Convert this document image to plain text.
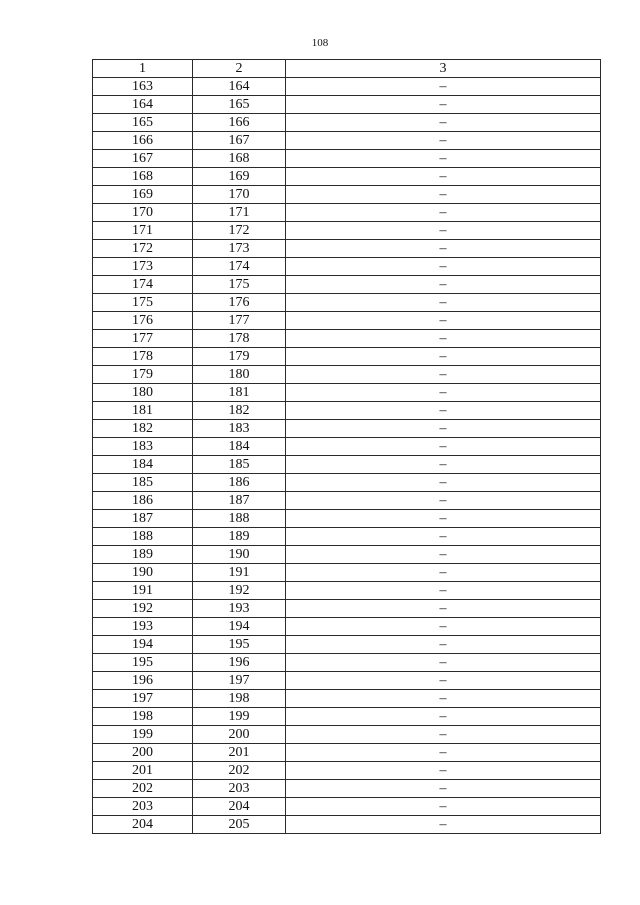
108
1	2	3
163	164	–
164	165	–
165	166	–
166	167	–
167	168	–
168	169	–
169	170	–
170	171	–
171	172	–
172	173	–
173	174	–
174	175	–
175	176	–
176	177	–
177	178	–
178	179	–
179	180	–
180	181	–
181	182	–
182	183	–
183	184	–
184	185	–
185	186	–
186	187	–
187	188	–
188	189	–
189	190	–
190	191	–
191	192	–
192	193	–
193	194	–
194	195	–
195	196	–
196	197	–
197	198	–
198	199	–
199	200	–
200	201	–
201	202	–
202	203	–
203	204	–
204	205	–
